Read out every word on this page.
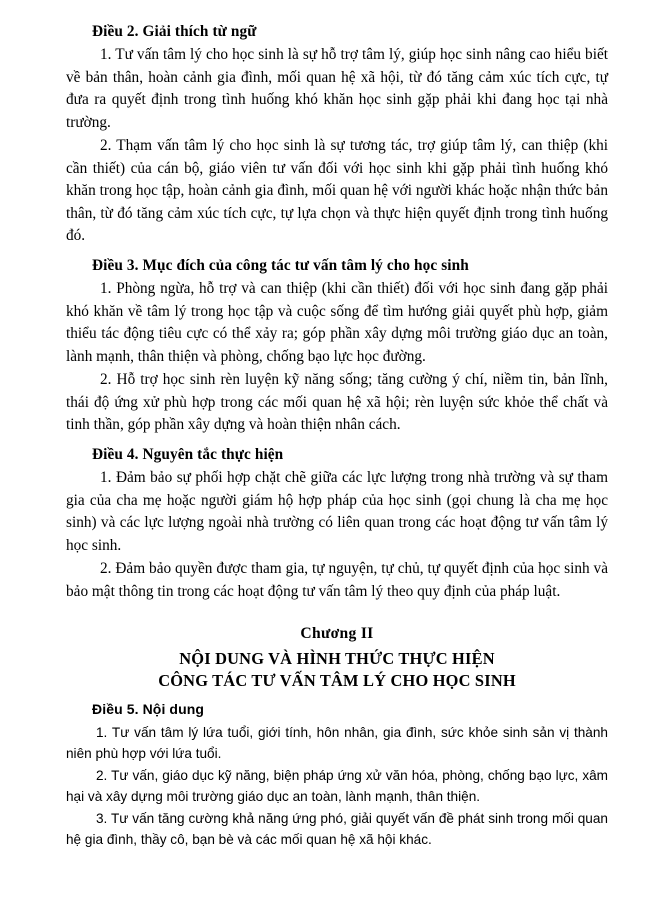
Điều 2. Giải thích từ ngữ

1. Tư vấn tâm lý cho học sinh là sự hỗ trợ tâm lý, giúp học sinh nâng cao hiểu biết về bản thân, hoàn cảnh gia đình, mối quan hệ xã hội, từ đó tăng cảm xúc tích cực, tự đưa ra quyết định trong tình huống khó khăn học sinh gặp phải khi đang học tại nhà trường.

2. Thạm vấn tâm lý cho học sinh là sự tương tác, trợ giúp tâm lý, can thiệp (khi cần thiết) của cán bộ, giáo viên tư vấn đối với học sinh khi gặp phải tình huống khó khăn trong học tập, hoàn cảnh gia đình, mối quan hệ với người khác hoặc nhận thức bản thân, từ đó tăng cảm xúc tích cực, tự lựa chọn và thực hiện quyết định trong tình huống đó.

Điều 3. Mục đích của công tác tư vấn tâm lý cho học sinh

1. Phòng ngừa, hỗ trợ và can thiệp (khi cần thiết) đối với học sinh đang gặp phải khó khăn về tâm lý trong học tập và cuộc sống để tìm hướng giải quyết phù hợp, giảm thiểu tác động tiêu cực có thể xảy ra; góp phần xây dựng môi trường giáo dục an toàn, lành mạnh, thân thiện và phòng, chống bạo lực học đường.

2. Hỗ trợ học sinh rèn luyện kỹ năng sống; tăng cường ý chí, niềm tin, bản lĩnh, thái độ ứng xử phù hợp trong các mối quan hệ xã hội; rèn luyện sức khỏe thể chất và tinh thần, góp phần xây dựng và hoàn thiện nhân cách.

Điều 4. Nguyên tắc thực hiện

1. Đảm bảo sự phối hợp chặt chẽ giữa các lực lượng trong nhà trường và sự tham gia của cha mẹ hoặc người giám hộ hợp pháp của học sinh (gọi chung là cha mẹ học sinh) và các lực lượng ngoài nhà trường có liên quan trong các hoạt động tư vấn tâm lý học sinh.

2. Đảm bảo quyền được tham gia, tự nguyện, tự chủ, tự quyết định của học sinh và bảo mật thông tin trong các hoạt động tư vấn tâm lý theo quy định của pháp luật.

Chương II
NỘI DUNG VÀ HÌNH THỨC THỰC HIỆN
CÔNG TÁC TƯ VẤN TÂM LÝ CHO HỌC SINH
Điều 5. Nội dung

1. Tư vấn tâm lý lứa tuổi, giới tính, hôn nhân, gia đình, sức khỏe sinh sản vị thành niên phù hợp với lứa tuổi.

2. Tư vấn, giáo dục kỹ năng, biện pháp ứng xử văn hóa, phòng, chống bạo lực, xâm hại và xây dựng môi trường giáo dục an toàn, lành mạnh, thân thiện.

3. Tư vấn tăng cường khả năng ứng phó, giải quyết vấn đề phát sinh trong mối quan hệ gia đình, thầy cô, bạn bè và các mối quan hệ xã hội khác.
